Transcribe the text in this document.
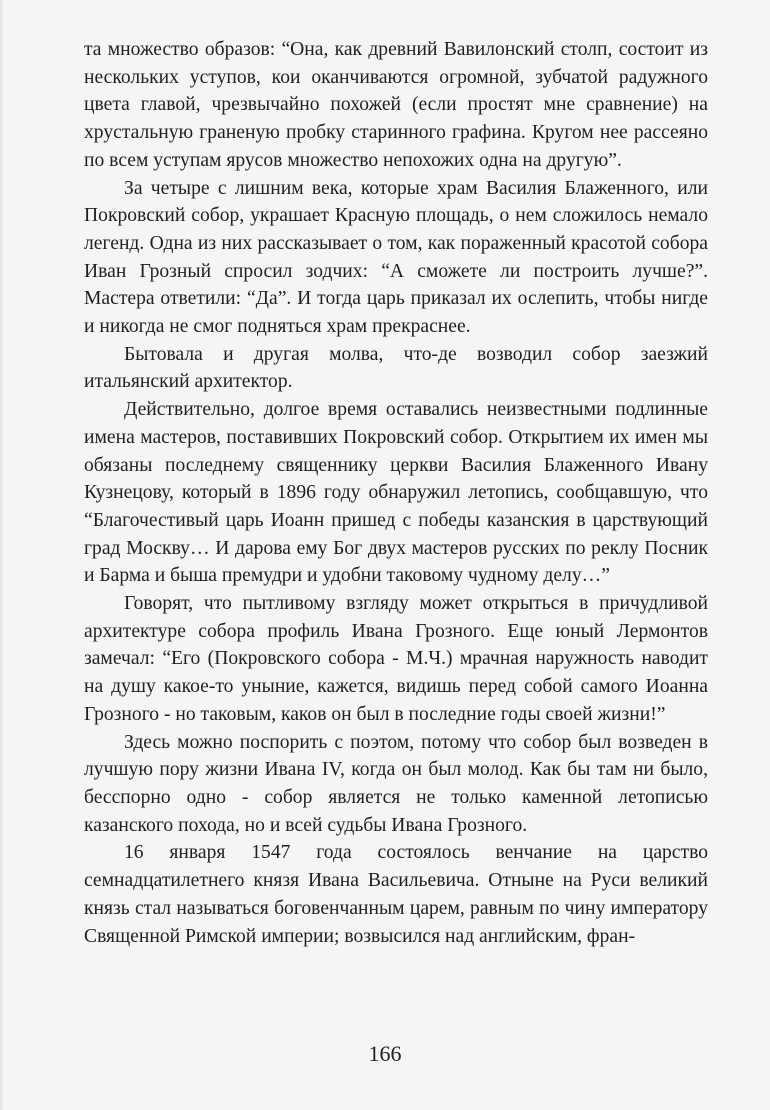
та множество образов: “Она, как древний Вавилонский столп, состоит из нескольких уступов, кои оканчиваются огромной, зубчатой радужного цвета главой, чрезвычайно похожей (если простят мне сравнение) на хрустальную граненую пробку старинного графина. Кругом нее рассеяно по всем уступам ярусов множество непохожих одна на другую”.

За четыре с лишним века, которые храм Василия Блаженного, или Покровский собор, украшает Красную площадь, о нем сложилось немало легенд. Одна из них рассказывает о том, как пораженный красотой собора Иван Грозный спросил зодчих: “А сможете ли построить лучше?”. Мастера ответили: “Да”. И тогда царь приказал их ослепить, чтобы нигде и никогда не смог подняться храм прекраснее.

Бытовала и другая молва, что-де возводил собор заезжий итальянский архитектор.

Действительно, долгое время оставались неизвестными подлинные имена мастеров, поставивших Покровский собор. Открытием их имен мы обязаны последнему священнику церкви Василия Блаженного Ивану Кузнецову, который в 1896 году обнаружил летопись, сообщавшую, что “Благочестивый царь Иоанн пришед с победы казанския в царствующий град Москву… И дарова ему Бог двух мастеров русских по реклу Посник и Барма и быша премудри и удобни таковому чудному делу…”

Говорят, что пытливому взгляду может открыться в причудливой архитектуре собора профиль Ивана Грозного. Еще юный Лермонтов замечал: “Его (Покровского собора - М.Ч.) мрачная наружность наводит на душу какое-то уныние, кажется, видишь перед собой самого Иоанна Грозного - но таковым, каков он был в последние годы своей жизни!”

Здесь можно поспорить с поэтом, потому что собор был возведен в лучшую пору жизни Ивана IV, когда он был молод. Как бы там ни было, бесспорно одно - собор является не только каменной летописью казанского похода, но и всей судьбы Ивана Грозного.

16 января 1547 года состоялось венчание на царство семнадцатилетнего князя Ивана Васильевича. Отныне на Руси великий князь стал называться боговенчанным царем, равным по чину императору Священной Римской империи; возвысился над английским, фран-

166
